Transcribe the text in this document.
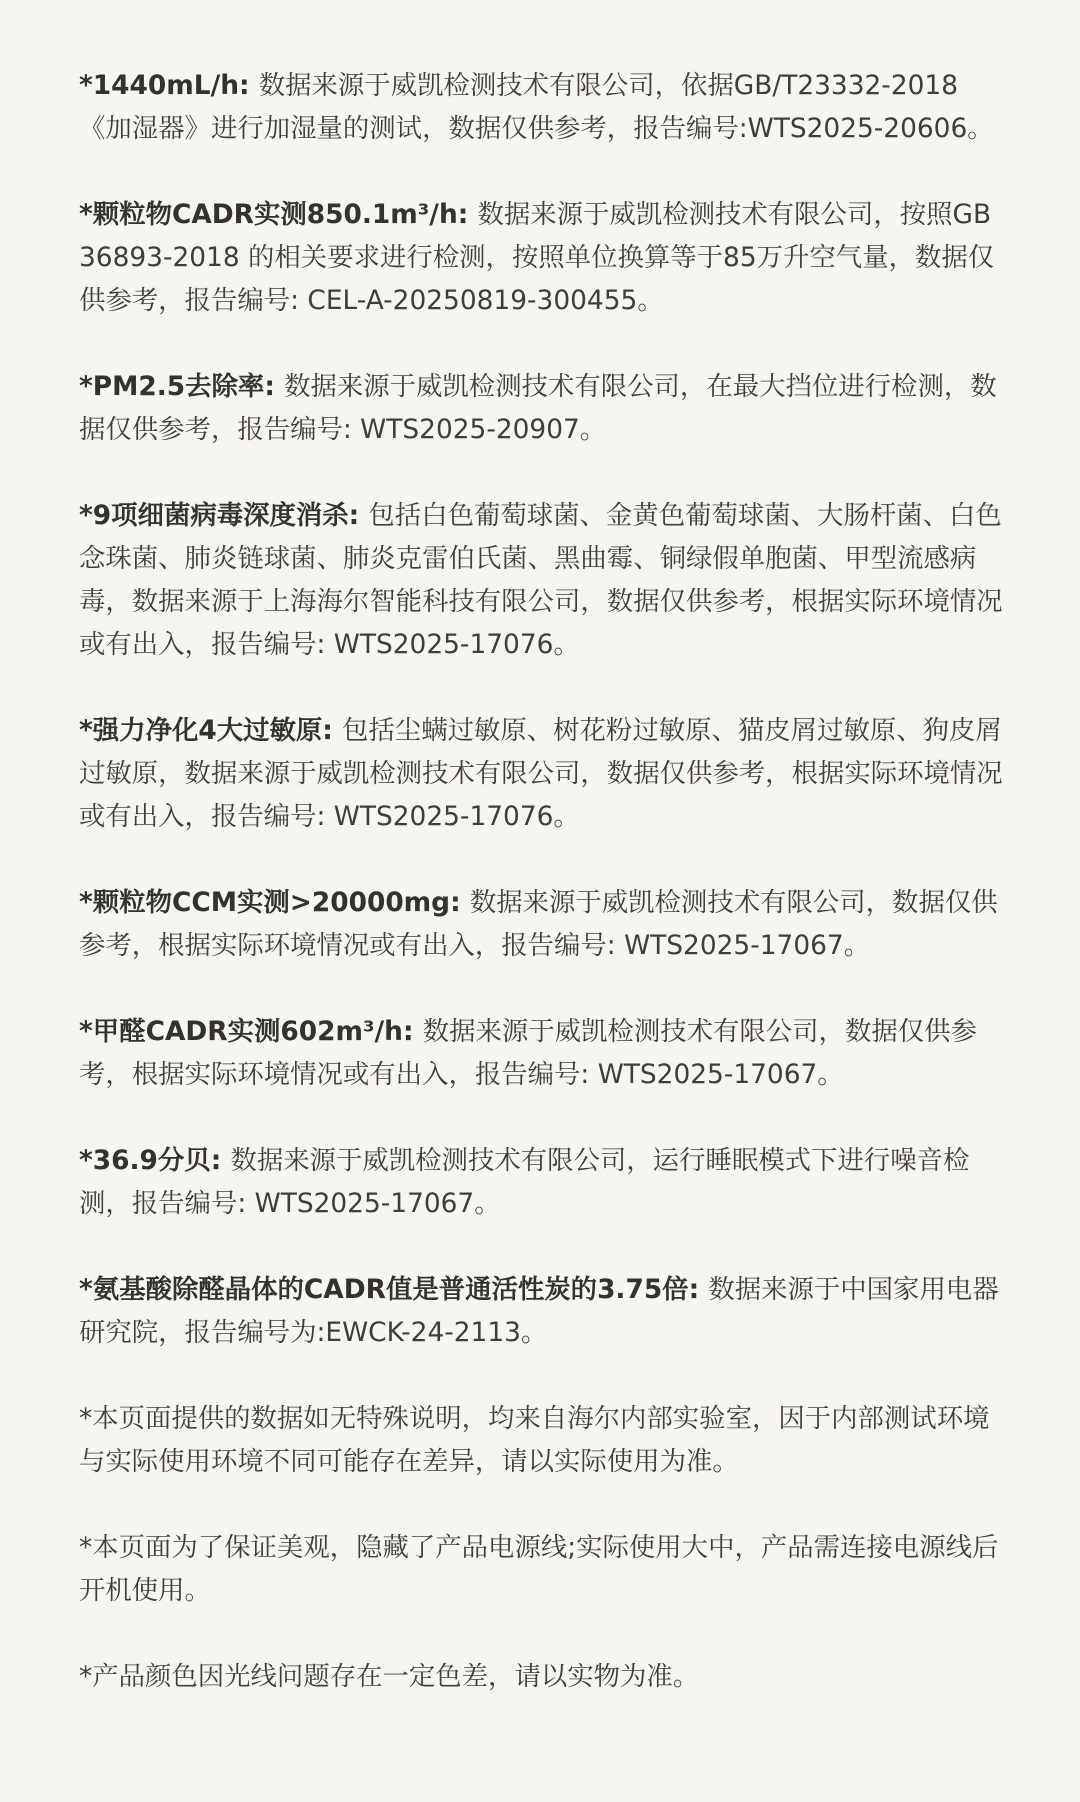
*1440mL/h: 数据来源于威凯检测技术有限公司，依据GB/T23332-2018《加湿器》进行加湿量的测试，数据仅供参考，报告编号:WTS2025-20606。

*颗粒物CADR实测850.1m³/h: 数据来源于威凯检测技术有限公司，按照GB 36893-2018 的相关要求进行检测，按照单位换算等于85万升空气量，数据仅供参考，报告编号: CEL-A-20250819-300455。

*PM2.5去除率: 数据来源于威凯检测技术有限公司，在最大挡位进行检测，数据仅供参考，报告编号: WTS2025-20907。

*9项细菌病毒深度消杀: 包括白色葡萄球菌、金黄色葡萄球菌、大肠杆菌、白色念珠菌、肺炎链球菌、肺炎克雷伯氏菌、黑曲霉、铜绿假单胞菌、甲型流感病毒，数据来源于上海海尔智能科技有限公司，数据仅供参考，根据实际环境情况或有出入，报告编号: WTS2025-17076。

*强力净化4大过敏原: 包括尘螨过敏原、树花粉过敏原、猫皮屑过敏原、狗皮屑过敏原，数据来源于威凯检测技术有限公司，数据仅供参考，根据实际环境情况或有出入，报告编号: WTS2025-17076。

*颗粒物CCM实测>20000mg: 数据来源于威凯检测技术有限公司，数据仅供参考，根据实际环境情况或有出入，报告编号: WTS2025-17067。

*甲醛CADR实测602m³/h: 数据来源于威凯检测技术有限公司，数据仅供参考，根据实际环境情况或有出入，报告编号: WTS2025-17067。

*36.9分贝: 数据来源于威凯检测技术有限公司，运行睡眠模式下进行噪音检测，报告编号: WTS2025-17067。

*氨基酸除醛晶体的CADR值是普通活性炭的3.75倍: 数据来源于中国家用电器研究院，报告编号为:EWCK-24-2113。

*本页面提供的数据如无特殊说明，均来自海尔内部实验室，因于内部测试环境与实际使用环境不同可能存在差异，请以实际使用为准。

*本页面为了保证美观，隐藏了产品电源线;实际使用大中，产品需连接电源线后开机使用。

*产品颜色因光线问题存在一定色差，请以实物为准。
